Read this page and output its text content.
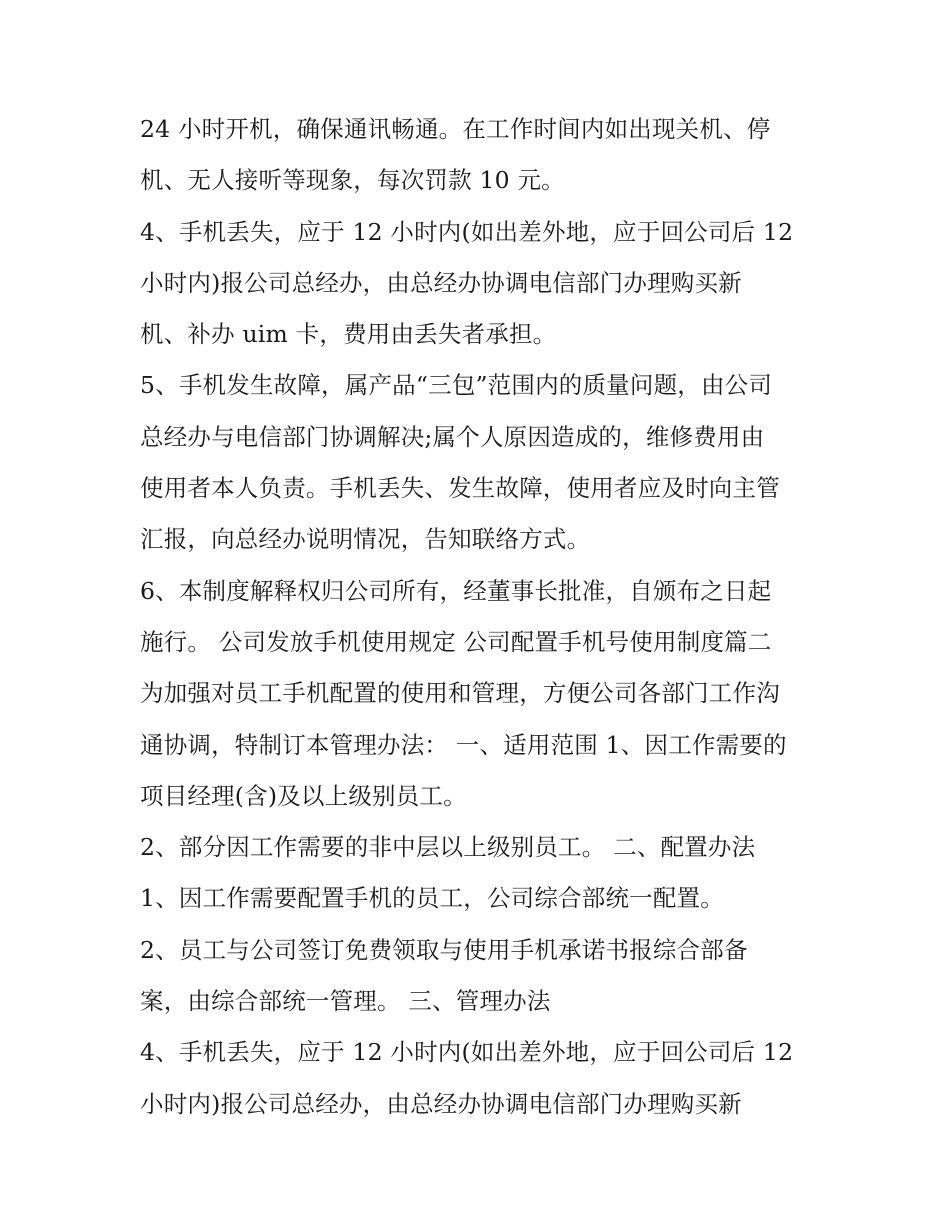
24 小时开机，确保通讯畅通。在工作时间内如出现关机、停
机、无人接听等现象，每次罚款 10 元。
4、手机丢失，应于 12 小时内(如出差外地，应于回公司后 12
小时内)报公司总经办，由总经办协调电信部门办理购买新
机、补办 uim 卡，费用由丢失者承担。
5、手机发生故障，属产品“三包”范围内的质量问题，由公司
总经办与电信部门协调解决;属个人原因造成的，维修费用由
使用者本人负责。手机丢失、发生故障，使用者应及时向主管
汇报，向总经办说明情况，告知联络方式。
6、本制度解释权归公司所有，经董事长批准，自颁布之日起
施行。 公司发放手机使用规定 公司配置手机号使用制度篇二
为加强对员工手机配置的使用和管理，方便公司各部门工作沟
通协调，特制订本管理办法： 一、适用范围 1、因工作需要的
项目经理(含)及以上级别员工。
2、部分因工作需要的非中层以上级别员工。 二、配置办法
1、因工作需要配置手机的员工，公司综合部统一配置。
2、员工与公司签订免费领取与使用手机承诺书报综合部备
案，由综合部统一管理。 三、管理办法
4、手机丢失，应于 12 小时内(如出差外地，应于回公司后 12
小时内)报公司总经办，由总经办协调电信部门办理购买新
